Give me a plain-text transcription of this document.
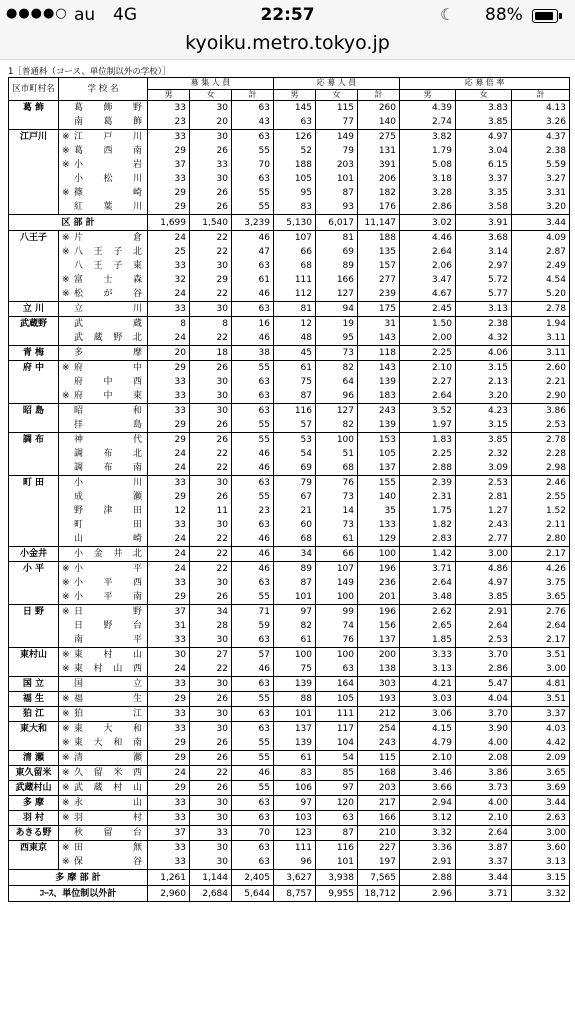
●●●●○ au 4G	22:57	☾ 88%
kyoiku.metro.tokyo.jp
1［普通科（コース、単位制以外の学校）］
区市町村名	学 校 名	募 集 人 員			応 募 人 員			応 募 倍 率		
		男	女	計	男	女	計	男	女	計
葛 飾	葛 飾 野	33	30	63	145	115	260	4.39	3.83	4.13
	南 葛 飾	23	20	43	63	77	140	2.74	3.85	3.26
江戸川	※ 江 戸 川	33	30	63	126	149	275	3.82	4.97	4.37
	※ 葛 西 南	29	26	55	52	79	131	1.79	3.04	2.38
	※ 小 岩	37	33	70	188	203	391	5.08	6.15	5.59
	小 松 川	33	30	63	105	101	206	3.18	3.37	3.27
	※ 篠 崎	29	26	55	95	87	182	3.28	3.35	3.31
	紅 葉 川	29	26	55	83	93	176	2.86	3.58	3.20
区 部 計		1,699	1,540	3,239	5,130	6,017	11,147	3.02	3.91	3.44
八王子	※ 片 倉	24	22	46	107	81	188	4.46	3.68	4.09
	※ 八 王 子 北	25	22	47	66	69	135	2.64	3.14	2.87
	八 王 子 東	33	30	63	68	89	157	2.06	2.97	2.49
	※ 富 士 森	32	29	61	111	166	277	3.47	5.72	4.54
	※ 松 が 谷	24	22	46	112	127	239	4.67	5.77	5.20
立 川	立 川	33	30	63	81	94	175	2.45	3.13	2.78
武蔵野	武 蔵	8	8	16	12	19	31	1.50	2.38	1.94
	武 蔵 野 北	24	22	46	48	95	143	2.00	4.32	3.11
青 梅	多 摩	20	18	38	45	73	118	2.25	4.06	3.11
府 中	※ 府 中	29	26	55	61	82	143	2.10	3.15	2.60
	府 中 西	33	30	63	75	64	139	2.27	2.13	2.21
	※ 府 中 東	33	30	63	87	96	183	2.64	3.20	2.90
昭 島	昭 和	33	30	63	116	127	243	3.52	4.23	3.86
	拝 島	29	26	55	57	82	139	1.97	3.15	2.53
調 布	神 代	29	26	55	53	100	153	1.83	3.85	2.78
	調 布 北	24	22	46	54	51	105	2.25	2.32	2.28
	調 布 南	24	22	46	69	68	137	2.88	3.09	2.98
町 田	小 川	33	30	63	79	76	155	2.39	2.53	2.46
	成 瀬	29	26	55	67	73	140	2.31	2.81	2.55
	野 津 田	12	11	23	21	14	35	1.75	1.27	1.52
	町 田	33	30	63	60	73	133	1.82	2.43	2.11
	山 崎	24	22	46	68	61	129	2.83	2.77	2.80
小金井	小 金 井 北	24	22	46	34	66	100	1.42	3.00	2.17
小 平	※ 小 平	24	22	46	89	107	196	3.71	4.86	4.26
	※ 小 平 西	33	30	63	87	149	236	2.64	4.97	3.75
	※ 小 平 南	29	26	55	101	100	201	3.48	3.85	3.65
日 野	※ 日 野	37	34	71	97	99	196	2.62	2.91	2.76
	日 野 台	31	28	59	82	74	156	2.65	2.64	2.64
	南 平	33	30	63	61	76	137	1.85	2.53	2.17
東村山	※ 東 村 山	30	27	57	100	100	200	3.33	3.70	3.51
	※ 東 村 山 西	24	22	46	75	63	138	3.13	2.86	3.00
国 立	国 立	33	30	63	139	164	303	4.21	5.47	4.81
福 生	※ 福 生	29	26	55	88	105	193	3.03	4.04	3.51
狛 江	※ 狛 江	33	30	63	101	111	212	3.06	3.70	3.37
東大和	※ 東 大 和	33	30	63	137	117	254	4.15	3.90	4.03
	※ 東 大 和 南	29	26	55	139	104	243	4.79	4.00	4.42
清 瀬	※ 清 瀬	29	26	55	61	54	115	2.10	2.08	2.09
東久留米	※ 久 留 米 西	24	22	46	83	85	168	3.46	3.86	3.65
武蔵村山	※ 武 蔵 村 山	29	26	55	106	97	203	3.66	3.73	3.69
多 摩	※ 永 山	33	30	63	97	120	217	2.94	4.00	3.44
羽 村	※ 羽 村	33	30	63	103	63	166	3.12	2.10	2.63
あきる野	秋 留 台	37	33	70	123	87	210	3.32	2.64	3.00
西東京	※ 田 無	33	30	63	111	116	227	3.36	3.87	3.60
	※ 保 谷	33	30	63	96	101	197	2.91	3.37	3.13
多 摩 部 計		1,261	1,144	2,405	3,627	3,938	7,565	2.88	3.44	3.15
ｺｰｽ、単位制以外計		2,960	2,684	5,644	8,757	9,955	18,712	2.96	3.71	3.32
